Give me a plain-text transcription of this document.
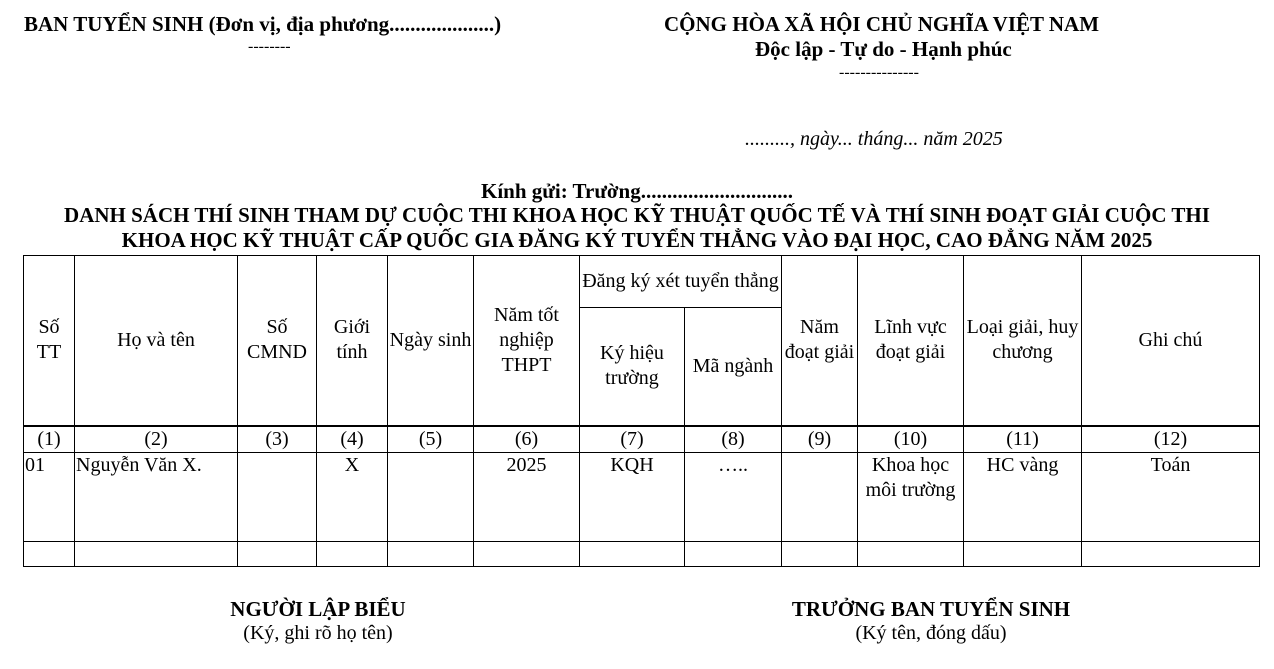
BAN TUYỂN SINH (Đơn vị, địa phương....................)
--------
CỘNG HÒA XÃ HỘI CHỦ NGHĨA VIỆT NAM
Độc lập - Tự do - Hạnh phúc
---------------
........., ngày... tháng... năm 2025
Kính gửi: Trường.............................
DANH SÁCH THÍ SINH THAM DỰ CUỘC THI KHOA HỌC KỸ THUẬT QUỐC TẾ VÀ THÍ SINH ĐOẠT GIẢI CUỘC THI
KHOA HỌC KỸ THUẬT CẤP QUỐC GIA ĐĂNG KÝ TUYỂN THẲNG VÀO ĐẠI HỌC, CAO ĐẲNG NĂM 2025
Số TT	Họ và tên	Số CMND	Giới tính	Ngày sinh	Năm tốt nghiệp THPT	Đăng ký xét tuyển thẳng		Năm đoạt giải	Lĩnh vực đoạt giải	Loại giải, huy chương	Ghi chú
						Ký hiệu trường	Mã ngành				
(1)	(2)	(3)	(4)	(5)	(6)	(7)	(8)	(9)	(10)	(11)	(12)
01	Nguyễn Văn X.		X		2025	KQH	…..		Khoa học môi trường	HC vàng	Toán

NGƯỜI LẬP BIỂU
(Ký, ghi rõ họ tên)
TRƯỞNG BAN TUYỂN SINH
(Ký tên, đóng dấu)
